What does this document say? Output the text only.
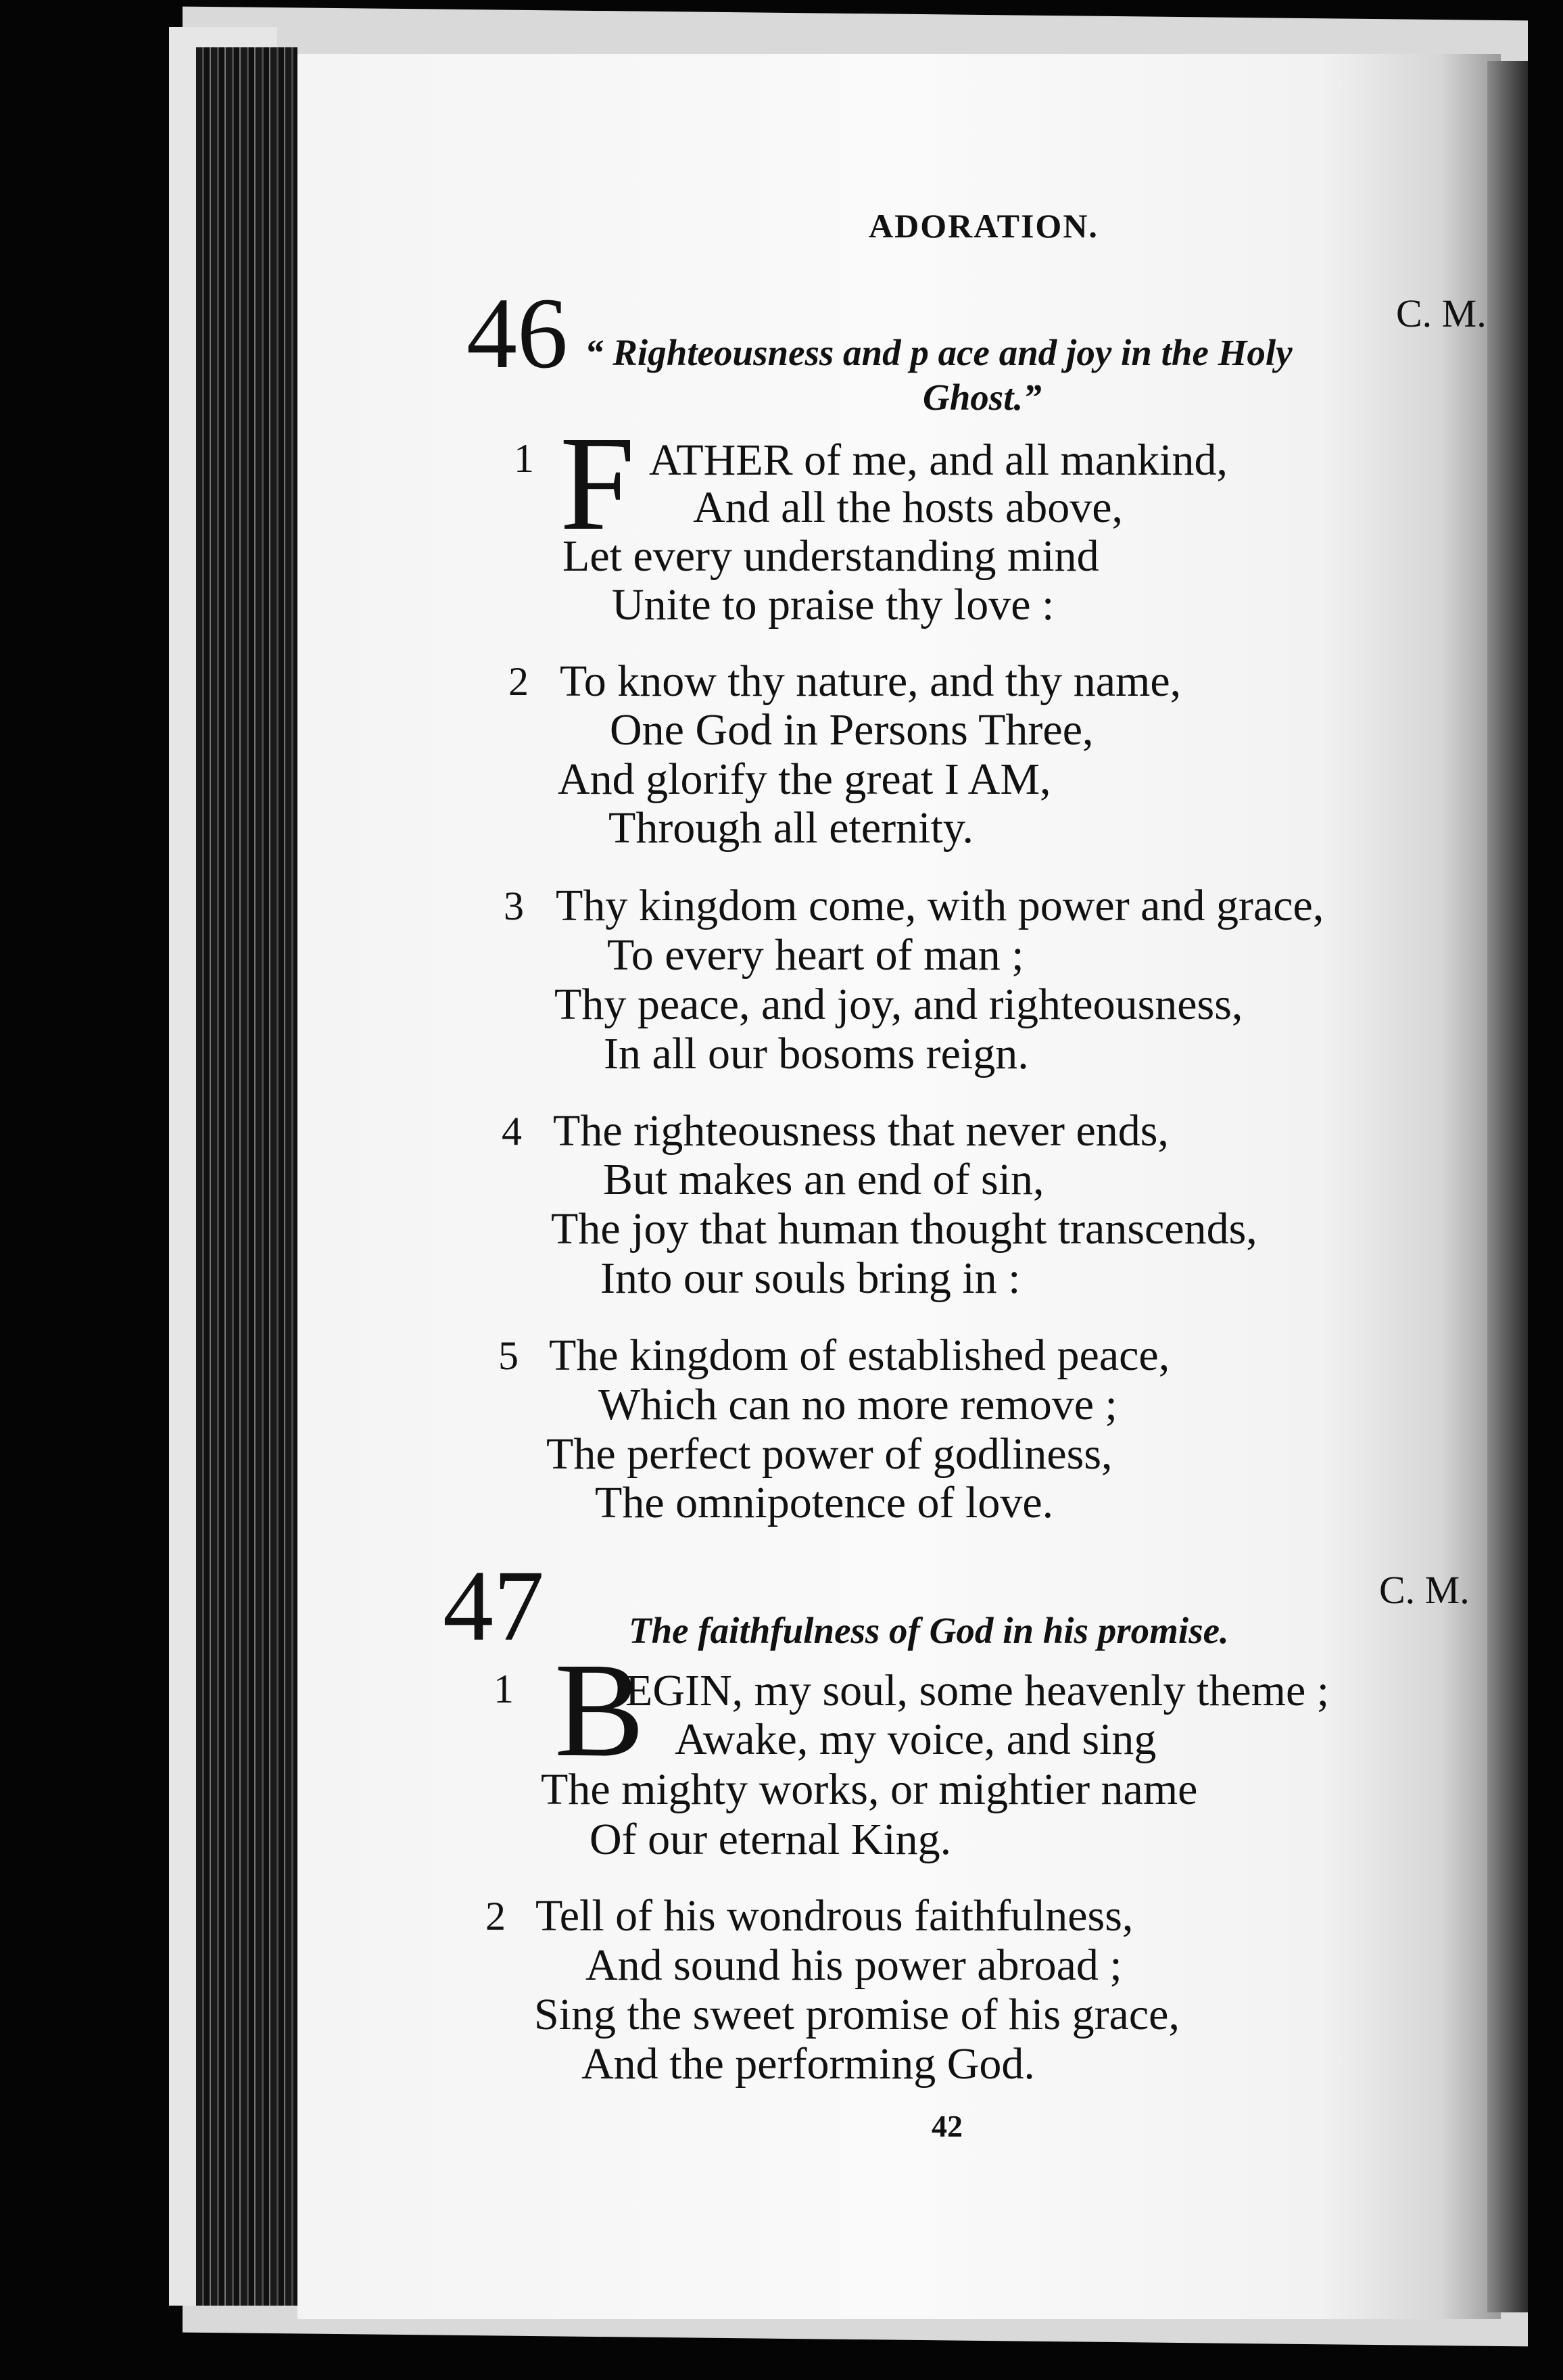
ADORATION.
46	C. M.
“ Righteousness and p ace and joy in the Holy
Ghost.”
1 F ATHER of me, and all mankind,
And all the hosts above,
Let every understanding mind
Unite to praise thy love :
2 To know thy nature, and thy name,
One God in Persons Three,
And glorify the great I AM,
Through all eternity.
3 Thy kingdom come, with power and grace,
To every heart of man ;
Thy peace, and joy, and righteousness,
In all our bosoms reign.
4 The righteousness that never ends,
But makes an end of sin,
The joy that human thought transcends,
Into our souls bring in :
5 The kingdom of established peace,
Which can no more remove ;
The perfect power of godliness,
The omnipotence of love.
47	C. M.
The faithfulness of God in his promise.
1 B
EGIN, my soul, some heavenly theme ;
Awake, my voice, and sing
The mighty works, or mightier name
Of our eternal King.
2 Tell of his wondrous faithfulness,
And sound his power abroad ;
Sing the sweet promise of his grace,
And the performing God.
42
